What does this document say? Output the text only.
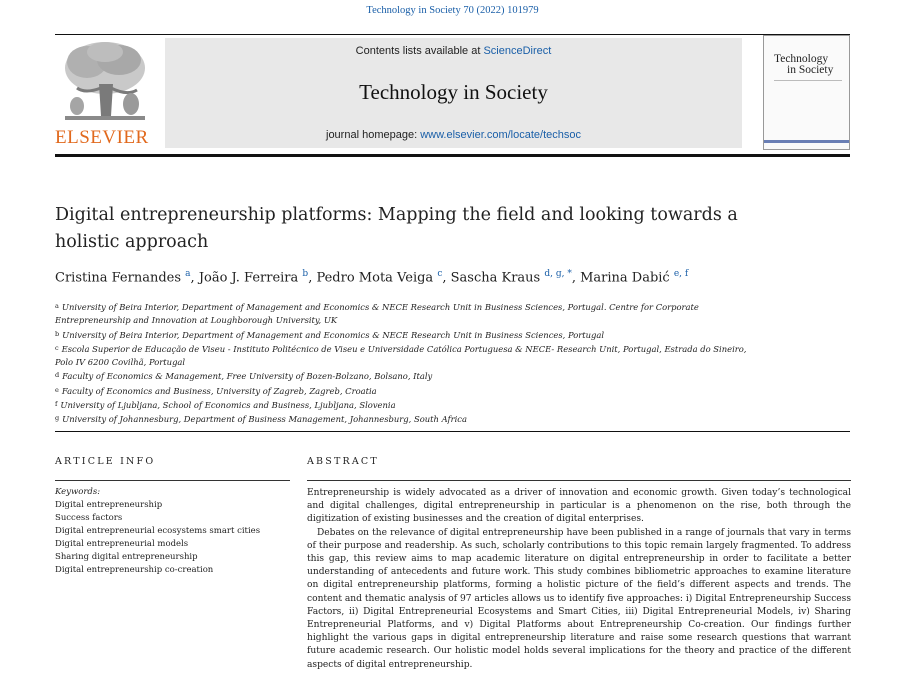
Technology in Society 70 (2022) 101979
ELSEVIER
Contents lists available at ScienceDirect
Technology in Society
journal homepage: www.elsevier.com/locate/techsoc
Technology
in Society
Digital entrepreneurship platforms: Mapping the field and looking towards a holistic approach
Cristina Fernandes $^a$, João J. Ferreira $^b$, Pedro Mota Veiga $^c$, Sascha Kraus $^{d, g, *}$, Marina Dabić $^{e, f}$

$^a$ University of Beira Interior, Department of Management and Economics & NECE Research Unit in Business Sciences, Portugal. Centre for Corporate Entrepreneurship and Innovation at Loughborough University, UK

$^b$ University of Beira Interior, Department of Management and Economics & NECE Research Unit in Business Sciences, Portugal

$^c$ Escola Superior de Educação de Viseu - Instituto Politécnico de Viseu e Universidade Católica Portuguesa & NECE- Research Unit, Portugal, Estrada do Sineiro, Polo IV 6200 Covilhã, Portugal

$^d$ Faculty of Economics & Management, Free University of Bozen-Bolzano, Bolsano, Italy

$^e$ Faculty of Economics and Business, University of Zagreb, Zagreb, Croatia

$^f$ University of Ljubljana, School of Economics and Business, Ljubljana, Slovenia

$^g$ University of Johannesburg, Department of Business Management, Johannesburg, South Africa

ARTICLE INFO	ABSTRACT
Keywords:
Digital entrepreneurship
Success factors
Digital entrepreneurial ecosystems smart cities
Digital entrepreneurial models
Sharing digital entrepreneurship
Digital entrepreneurship co-creation

Entrepreneurship is widely advocated as a driver of innovation and economic growth. Given today’s technological and digital challenges, digital entrepreneurship in particular is a phenomenon on the rise, both through the digitization of existing businesses and the creation of digital enterprises.

Debates on the relevance of digital entrepreneurship have been published in a range of journals that vary in terms of their purpose and readership. As such, scholarly contributions to this topic remain largely fragmented. To address this gap, this review aims to map academic literature on digital entrepreneurship in order to facilitate a better understanding of antecedents and future work. This study combines bibliometric approaches to examine literature on digital entrepreneurship platforms, forming a holistic picture of the field’s different aspects and trends. The content and thematic analysis of 97 articles allows us to identify five approaches: i) Digital Entrepreneurship Success Factors, ii) Digital Entrepreneurial Ecosystems and Smart Cities, iii) Digital Entrepreneurial Models, iv) Sharing Entrepreneurial Platforms, and v) Digital Platforms about Entrepreneurship Co-creation. Our findings further highlight the various gaps in digital entrepreneurship literature and raise some research questions that warrant future academic research. Our holistic model holds several implications for the theory and practice of the different aspects of digital entrepreneurship.
